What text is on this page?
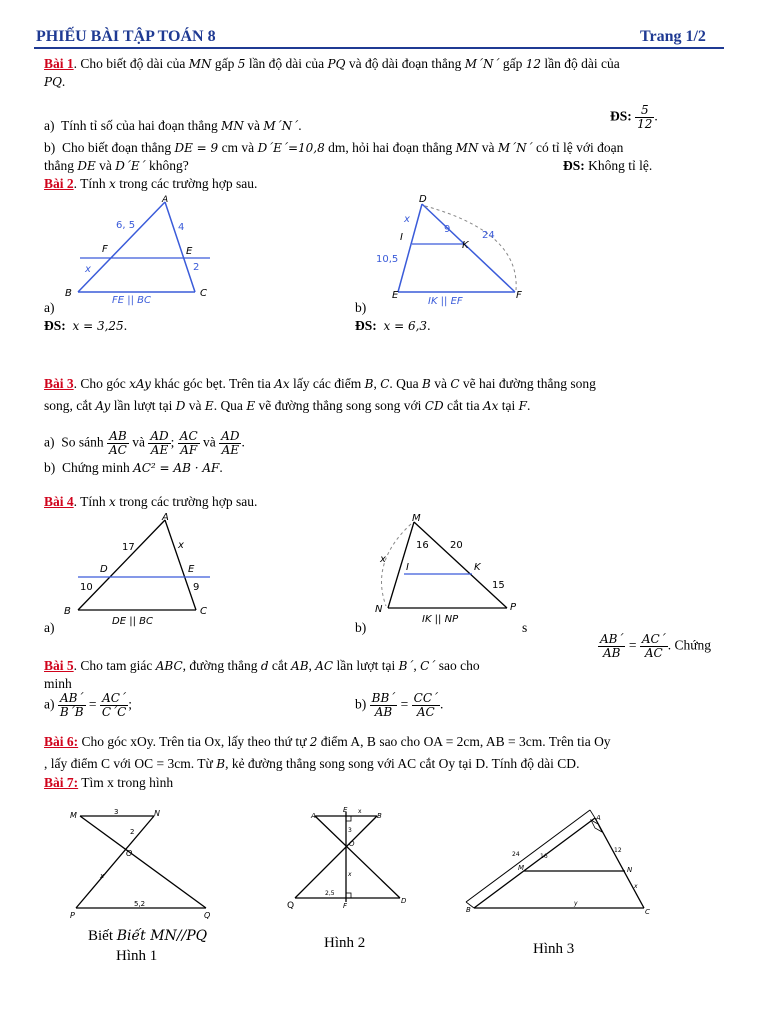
PHIẾU BÀI TẬP TOÁN 8	Trang 1/2
Bài 1. Cho biết độ dài của MN gấp 5 lần độ dài của PQ và độ dài đoạn thẳng M´N´ gấp 12 lần độ dài của
PQ.
a)  Tính tỉ số của hai đoạn thẳng MN và M´N´.
ĐS: $\frac{5}{12}$ .
b)  Cho biết đoạn thẳng DE = 9 cm và D´E´=10,8 dm, hỏi hai đoạn thẳng MN và M´N´ có tỉ lệ với đoạn
thẳng DE và D´E´ không?	ĐS: Không tỉ lệ.
Bài 2. Tính x trong các trường hợp sau.
A
F	E
B	C
6, 5	4
x	2
FE || BC
a)
ĐS: x = 3,25.
D
I
K
E	F
x
9
24
10,5
IK || EF
b)
ĐS: x = 6,3.
Bài 3. Cho góc xAy khác góc bẹt. Trên tia Ax lấy các điểm B, C. Qua B và C vẽ hai đường thẳng song
song, cắt Ay lần lượt tại D và E. Qua E vẽ đường thẳng song song với CD cắt tia Ax tại F.
a)  So sánh $\frac{AB}{AC}$ và $\frac{AD}{AE}$ ; $\frac{AC}{AF}$ và $\frac{AD}{AE}$ .
b)  Chứng minh AC² = AB · AF.
Bài 4. Tính x trong các trường hợp sau.
A
D	E
B	C
17	x
10	9
DE || BC
a)
M
I	K
N	P
16 20
x
15
IK || NP
b)	s
Bài 5. Cho tam giác ABC, đường thẳng d cắt AB, AC lần lượt tại B´, C´ sao cho
$\frac{AB´}{AB} = \frac{AC´}{AC}$ . Chứng
minh
$a) \frac{AB´}{B´B} = \frac{AC´}{C´C}$ ;	$b) \frac{BB´}{AB} = \frac{CC´}{AC}$ .
Bài 6: Cho góc xOy. Trên tia Ox, lấy theo thứ tự 2 điểm A, B sao cho OA = 2cm, AB = 3cm. Trên tia Oy
, lấy điểm C với OC = 3cm. Từ B, kẻ đường thẳng song song với AC cắt Oy tại D. Tính độ dài CD.
Bài 7: Tìm x trong hình
M	N
O
P	Q
3
2
x
5,2
Biết Biết MN//PQ
Hình 1
A
E
B
O
Q	F
D
x
3
x
2,5
Hình 2
A
M	N
B	C
24	16
12
x
y
Hình 3
